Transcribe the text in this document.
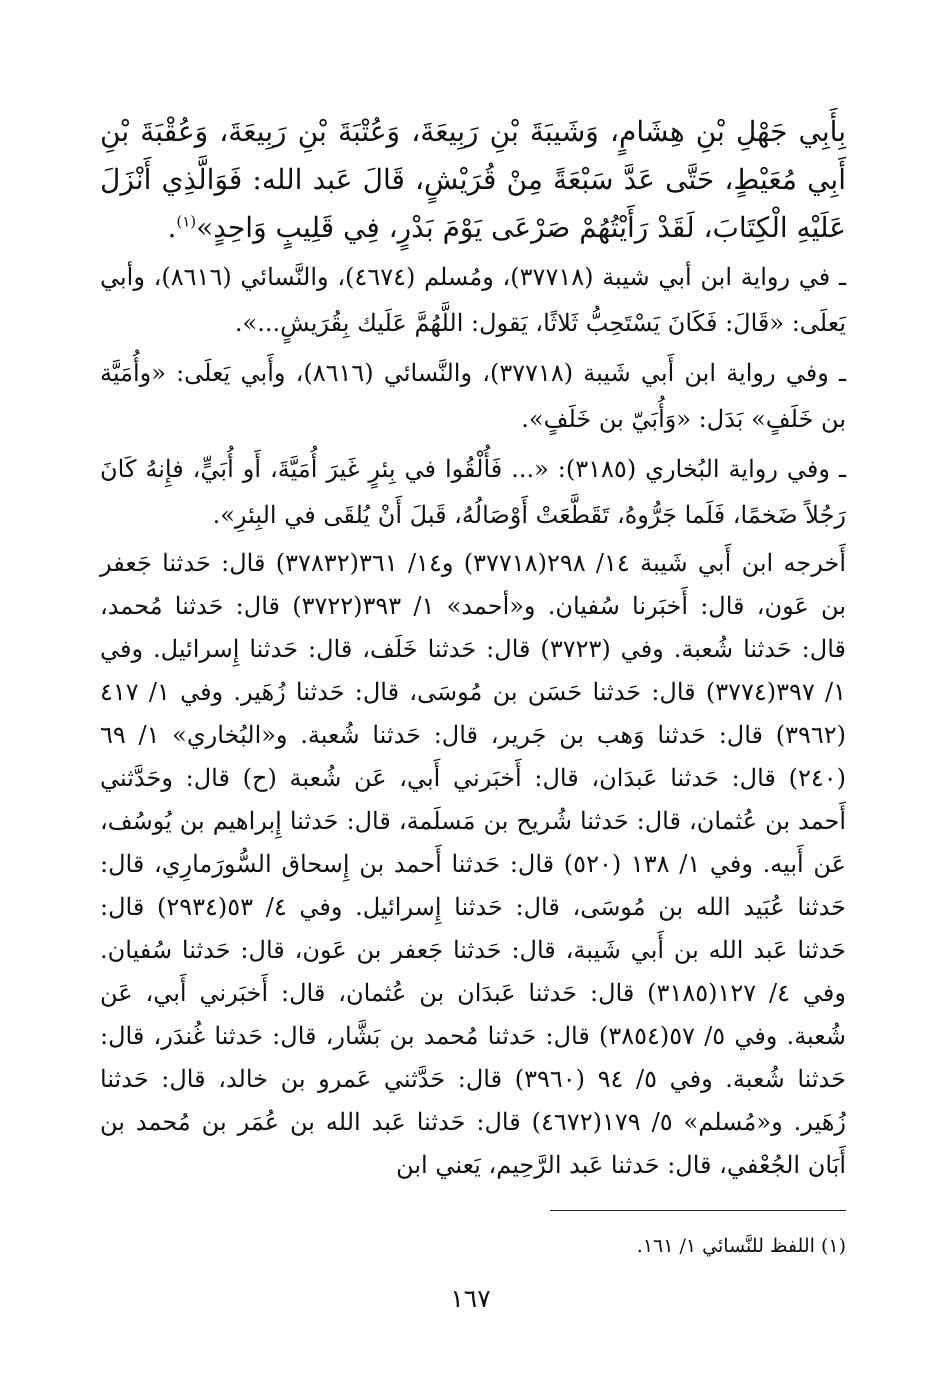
بِأَبِي جَهْلِ بْنِ هِشَامٍ، وَشَيبَةَ بْنِ رَبِيعَةَ، وَعُتْبَةَ بْنِ رَبِيعَةَ، وَعُقْبَةَ بْنِ أَبِي مُعَيْطٍ، حَتَّى عَدَّ سَبْعَةً مِنْ قُرَيْشٍ، قَالَ عَبد الله: فَوَالَّذِي أَنْزَلَ عَلَيْهِ الْكِتَابَ، لَقَدْ رَأَيْتُهُمْ صَرْعَى يَوْمَ بَدْرٍ، فِي قَلِيبٍ وَاحِدٍ»$^{(١)}$.

ـ في رواية ابن أبي شيبة (٣٧٧١٨)، ومُسلم (٤٦٧٤)، والنَّسائي (٨٦١٦)، وأبي يَعلَى: «قَالَ: فَكَانَ يَسْتَحِبُّ ثَلاثًا، يَقول: اللَّهُمَّ عَلَيك بِقُرَيشٍ...».

ـ وفي رواية ابن أَبي شَيبة (٣٧٧١٨)، والنَّسائي (٨٦١٦)، وأَبي يَعلَى: «وأُمَيَّة بن خَلَفٍ» بَدَل: «وَأُبَيّ بن خَلَفٍ».

ـ وفي رواية البُخاري (٣١٨٥): «... فَأُلْقُوا في بِئرٍ غَيرَ أُمَيَّةَ، أَو أُبَيٍّ، فإِنهُ كَانَ رَجُلاً ضَخمًا، فَلَما جَرُّوهُ، تَقَطَّعَتْ أَوْصَالُهُ، قَبلَ أَنْ يُلقَى في البِئرِ».

أَخرجه ابن أَبي شَيبة ١٤/ ٢٩٨(٣٧٧١٨) و١٤/ ٣٦١(٣٧٨٣٢) قال: حَدثنا جَعفر بن عَون، قال: أَخبَرنا سُفيان. و«أحمد» ١/ ٣٩٣(٣٧٢٢) قال: حَدثنا مُحمد، قال: حَدثنا شُعبة. وفي (٣٧٢٣) قال: حَدثنا خَلَف، قال: حَدثنا إِسرائيل. وفي ١/ ٣٩٧(٣٧٧٤) قال: حَدثنا حَسَن بن مُوسَى، قال: حَدثنا زُهَير. وفي ١/ ٤١٧ (٣٩٦٢) قال: حَدثنا وَهب بن جَرير، قال: حَدثنا شُعبة. و«البُخاري» ١/ ٦٩ (٢٤٠) قال: حَدثنا عَبدَان، قال: أَخبَرني أَبي، عَن شُعبة (ح) قال: وحَدَّثني أَحمد بن عُثمان، قال: حَدثنا شُريح بن مَسلَمة، قال: حَدثنا إِبراهيم بن يُوسُف، عَن أَبيه. وفي ١/ ١٣٨ (٥٢٠) قال: حَدثنا أَحمد بن إِسحاق السُّورَمارِي، قال: حَدثنا عُبَيد الله بن مُوسَى، قال: حَدثنا إِسرائيل. وفي ٤/ ٥٣(٢٩٣٤) قال: حَدثنا عَبد الله بن أَبي شَيبة، قال: حَدثنا جَعفر بن عَون، قال: حَدثنا سُفيان. وفي ٤/ ١٢٧(٣١٨٥) قال: حَدثنا عَبدَان بن عُثمان، قال: أَخبَرني أَبي، عَن شُعبة. وفي ٥/ ٥٧(٣٨٥٤) قال: حَدثنا مُحمد بن بَشَّار، قال: حَدثنا غُندَر، قال: حَدثنا شُعبة. وفي ٥/ ٩٤ (٣٩٦٠) قال: حَدَّثني عَمرو بن خالد، قال: حَدثنا زُهَير. و«مُسلم» ٥/ ١٧٩(٤٦٧٢) قال: حَدثنا عَبد الله بن عُمَر بن مُحمد بن أَبَان الجُعْفي، قال: حَدثنا عَبد الرَّحِيم، يَعني ابن

(١) اللفظ للنَّسائي ١/ ١٦١.
١٦٧
